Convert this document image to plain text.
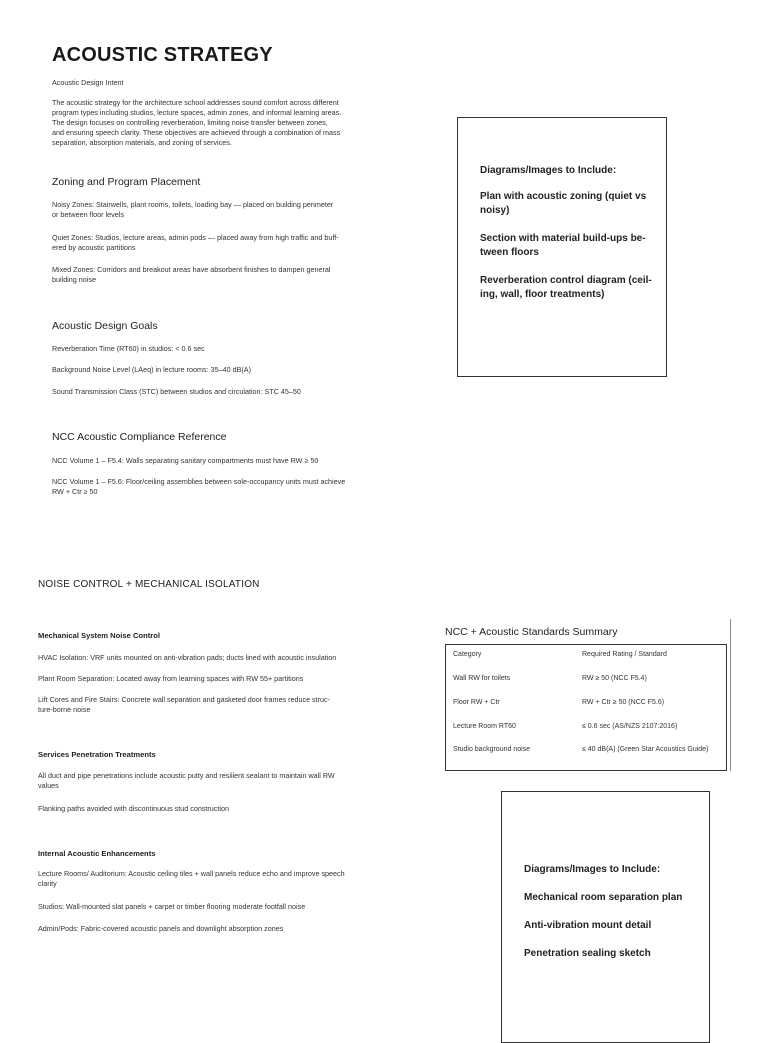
ACOUSTIC STRATEGY
Acoustic Design Intent
The acoustic strategy for the architecture school addresses sound comfort across different
program types including studios, lecture spaces, admin zones, and informal learning areas.
The design focuses on controlling reverberation, limiting noise transfer between zones,
and ensuring speech clarity. These objectives are achieved through a combination of mass
separation, absorption materials, and zoning of services.
Zoning and Program Placement
Noisy Zones: Stairwells, plant rooms, toilets, loading bay — placed on building perimeter
or between floor levels
Quiet Zones: Studios, lecture areas, admin pods — placed away from high traffic and buff-
ered by acoustic partitions
Mixed Zones: Corridors and breakout areas have absorbent finishes to dampen general
building noise
Acoustic Design Goals
Reverberation Time (RT60) in studios: < 0.6 sec
Background Noise Level (LAeq) in lecture rooms: 35–40 dB(A)
Sound Transmission Class (STC) between studios and circulation: STC 45–50
NCC Acoustic Compliance Reference
NCC Volume 1 – F5.4: Walls separating sanitary compartments must have RW ≥ 50
NCC Volume 1 – F5.6: Floor/ceiling assemblies between sole-occupancy units must achieve
RW + Ctr ≥ 50

Diagrams/Images to Include:

Plan with acoustic zoning (quiet vs

noisy)

Section with material build-ups be-

tween floors

Reverberation control diagram (ceil-

ing, wall, floor treatments)

NOISE CONTROL + MECHANICAL ISOLATION
Mechanical System Noise Control
HVAC Isolation: VRF units mounted on anti-vibration pads; ducts lined with acoustic insulation
Plant Room Separation: Located away from learning spaces with RW 55+ partitions
Lift Cores and Fire Stairs: Concrete wall separation and gasketed door frames reduce struc-
ture-borne noise
Services Penetration Treatments
All duct and pipe penetrations include acoustic putty and resilient sealant to maintain wall RW
values
Flanking paths avoided with discontinuous stud construction
Internal Acoustic Enhancements
Lecture Rooms/ Auditorium: Acoustic ceiling tiles + wall panels reduce echo and improve speech
clarity
Studios: Wall-mounted slat panels + carpet or timber flooring moderate footfall noise
Admin/Pods: Fabric-covered acoustic panels and downlight absorption zones
NCC + Acoustic Standards Summary
Category	Required Rating / Standard
Wall RW for toilets	RW ≥ 50 (NCC F5.4)
Floor RW + Ctr	RW + Ctr ≥ 50 (NCC F5.6)
Lecture Room RT60	≤ 0.6 sec (AS/NZS 2107:2016)
Studio background noise	≤ 40 dB(A) (Green Star Acoustics Guide)

Diagrams/Images to Include:

Mechanical room separation plan

Anti-vibration mount detail

Penetration sealing sketch
